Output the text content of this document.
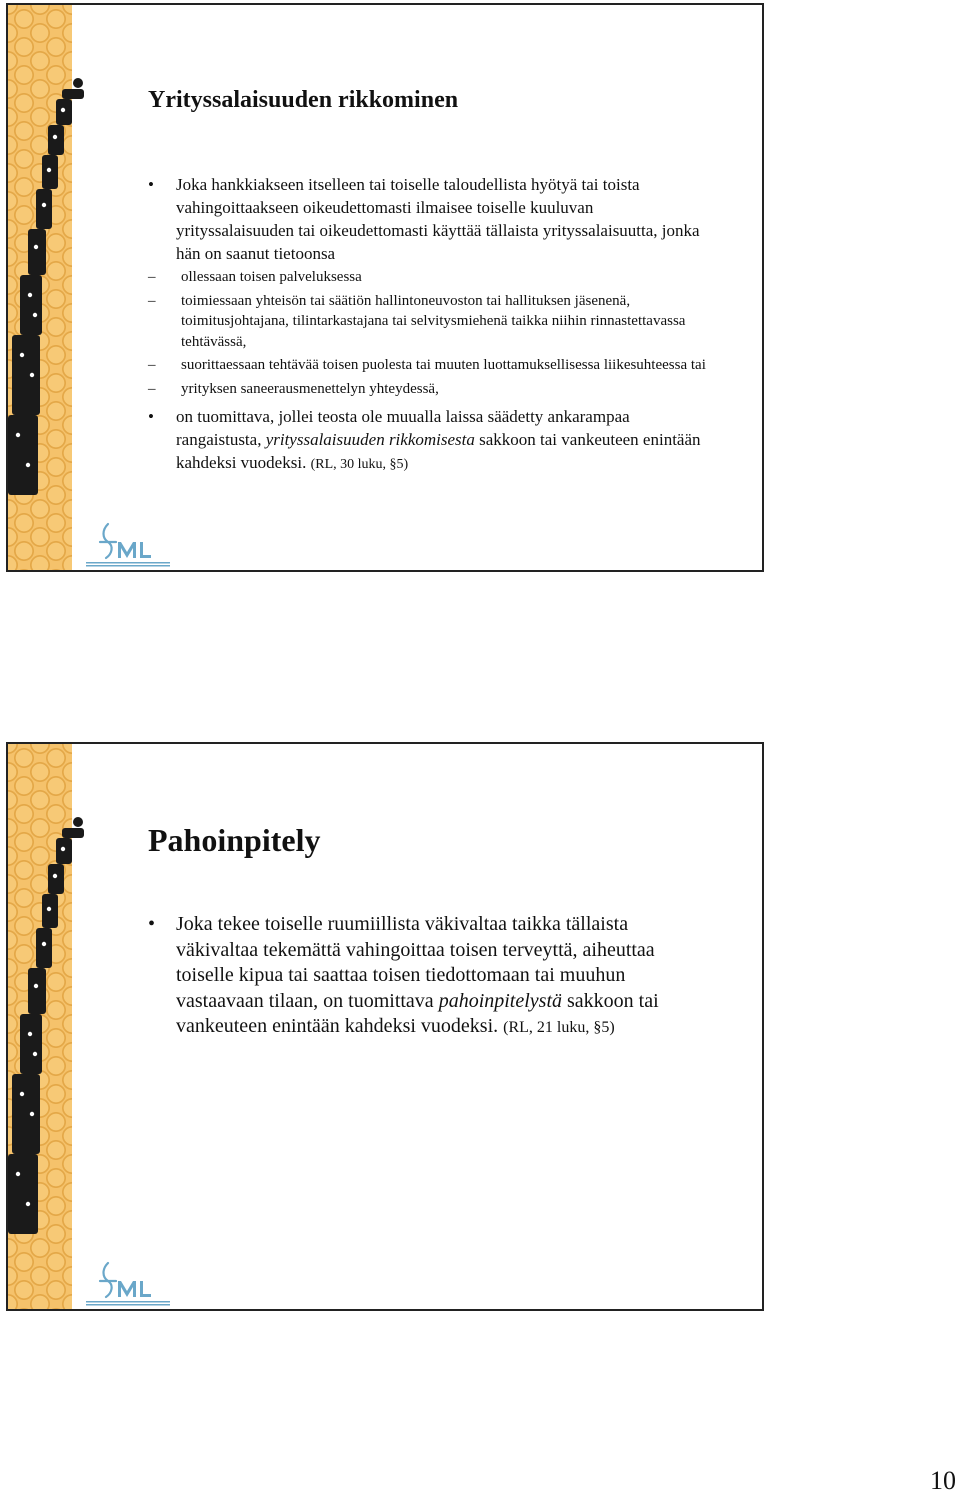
Yrityssalaisuuden rikkominen
• Joka hankkiakseen itselleen tai toiselle taloudellista hyötyä tai toista vahingoittaakseen oikeudettomasti ilmaisee toiselle kuuluvan yrityssalaisuuden tai oikeudettomasti käyttää tällaista yrityssalaisuutta, jonka hän on saanut tietoonsa
– ollessaan toisen palveluksessa
– toimiessaan yhteisön tai säätiön hallintoneuvoston tai hallituksen jäsenenä, toimitusjohtajana, tilintarkastajana tai selvitysmiehenä taikka niihin rinnastettavassa tehtävässä,
– suorittaessaan tehtävää toisen puolesta tai muuten luottamuksellisessa liikesuhteessa tai
– yrityksen saneerausmenettelyn yhteydessä,
• on tuomittava, jollei teosta ole muualla laissa säädetty ankarampaa rangaistusta, yrityssalaisuuden rikkomisesta sakkoon tai vankeuteen enintään kahdeksi vuodeksi. (RL, 30 luku, §5)
Pahoinpitely
• Joka tekee toiselle ruumiillista väkivaltaa taikka tällaista väkivaltaa tekemättä vahingoittaa toisen terveyttä, aiheuttaa toiselle kipua tai saattaa toisen tiedottomaan tai muuhun vastaavaan tilaan, on tuomittava pahoinpitelystä sakkoon tai vankeuteen enintään kahdeksi vuodeksi. (RL, 21 luku, §5)
10
